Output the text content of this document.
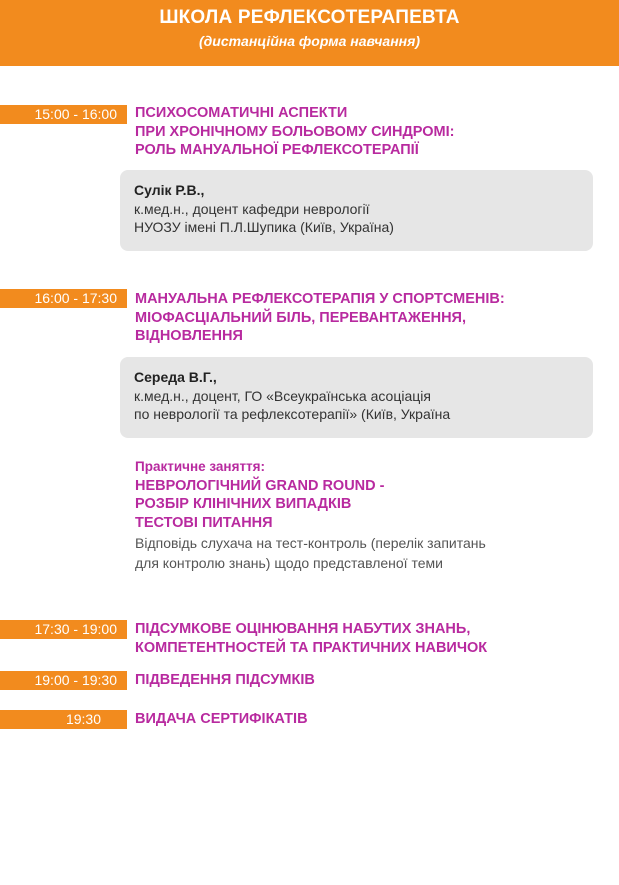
ШКОЛА РЕФЛЕКСОТЕРАПЕВТА
(дистанційна форма навчання)
15:00 - 16:00	ПСИХОСОМАТИЧНІ АСПЕКТИ
ПРИ ХРОНІЧНОМУ БОЛЬОВОМУ СИНДРОМІ:
РОЛЬ МАНУАЛЬНОЇ РЕФЛЕКСОТЕРАПІЇ
Сулік Р.В.,
к.мед.н., доцент кафедри неврології
НУОЗУ імені П.Л.Шупика (Київ, Україна)
16:00 - 17:30	МАНУАЛЬНА РЕФЛЕКСОТЕРАПІЯ У СПОРТСМЕНІВ:
МІОФАСЦІАЛЬНИЙ БІЛЬ, ПЕРЕВАНТАЖЕННЯ,
ВІДНОВЛЕННЯ
Середа В.Г.,
к.мед.н., доцент, ГО «Всеукраїнська асоціація
по неврології та рефлексотерапії» (Київ, Україна
Практичне заняття:
НЕВРОЛОГІЧНИЙ GRAND ROUND -
РОЗБІР КЛІНІЧНИХ ВИПАДКІВ
ТЕСТОВІ ПИТАННЯ
Відповідь слухача на тест-контроль (перелік запитань
для контролю знань) щодо представленої теми
17:30 - 19:00	ПІДСУМКОВЕ ОЦІНЮВАННЯ НАБУТИХ ЗНАНЬ,
КОМПЕТЕНТНОСТЕЙ ТА ПРАКТИЧНИХ НАВИЧОК
19:00 - 19:30	ПІДВЕДЕННЯ ПІДСУМКІВ
19:30	ВИДАЧА СЕРТИФІКАТІВ
